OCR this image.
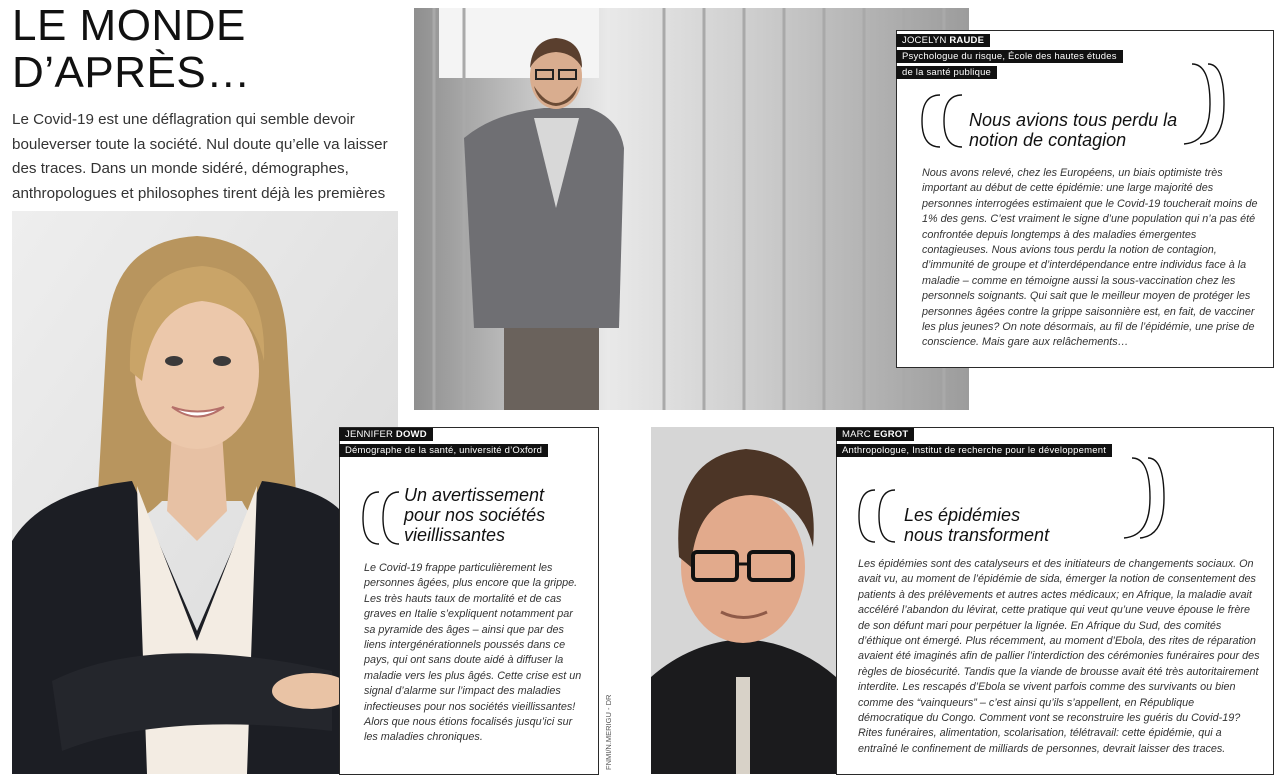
LE MONDE
D’APRÈS…

Le Covid-19 est une déflagration qui semble devoir bouleverser toute la société. Nul doute qu’elle va laisser des traces. Dans un monde sidéré, démographes, anthropologues et philosophes tirent déjà les premières

JOCELYN RAUDE
Psychologue du risque, École des hautes études
de la santé publique
Nous avions tous perdu la notion de contagion
Nous avons relevé, chez les Européens, un biais optimiste très important au début de cette épidémie: une large majorité des personnes interrogées estimaient que le Covid-19 toucherait moins de 1% des gens. C’est vraiment le signe d’une population qui n’a pas été confrontée depuis longtemps à des maladies émergentes contagieuses. Nous avions tous perdu la notion de contagion, d’immunité de groupe et d’interdépendance entre individus face à la maladie – comme en témoigne aussi la sous-vaccination chez les personnels soignants. Qui sait que le meilleur moyen de protéger les personnes âgées contre la grippe saisonnière est, en fait, de vacciner les plus jeunes? On note désormais, au fil de l’épidémie, une prise de conscience. Mais gare aux relâchements…
JENNIFER DOWD
Démographe de la santé, université d’Oxford
Un avertissement pour nos sociétés vieillissantes
Le Covid-19 frappe particulièrement les personnes âgées, plus encore que la grippe. Les très hauts taux de mortalité et de cas graves en Italie s’expliquent notamment par sa pyramide des âges – ainsi que par des liens intergénérationnels poussés dans ce pays, qui ont sans doute aidé à diffuser la maladie vers les plus âgés. Cette crise est un signal d’alarme sur l’impact des maladies infectieuses pour nos sociétés vieillissantes! Alors que nous étions focalisés jusqu’ici sur les maladies chroniques.	FNMI/N.MERIGU - DR
MARC EGROT
Anthropologue, Institut de recherche pour le développement
Les épidémies nous transforment
Les épidémies sont des catalyseurs et des initiateurs de changements sociaux. On avait vu, au moment de l’épidémie de sida, émerger la notion de consentement des patients à des prélèvements et autres actes médicaux; en Afrique, la maladie avait accéléré l’abandon du lévirat, cette pratique qui veut qu’une veuve épouse le frère de son défunt mari pour perpétuer la lignée. En Afrique du Sud, des comités d’éthique ont émergé. Plus récemment, au moment d’Ebola, des rites de réparation avaient été imaginés afin de pallier l’interdiction des cérémonies funéraires pour des règles de biosécurité. Tandis que la viande de brousse avait été très autoritairement interdite. Les rescapés d’Ebola se vivent parfois comme des survivants ou bien comme des “vainqueurs” – c’est ainsi qu’ils s’appellent, en République démocratique du Congo. Comment vont se reconstruire les guéris du Covid-19? Rites funéraires, alimentation, scolarisation, télétravail: cette épidémie, qui a entraîné le confinement de milliards de personnes, devrait laisser des traces.
